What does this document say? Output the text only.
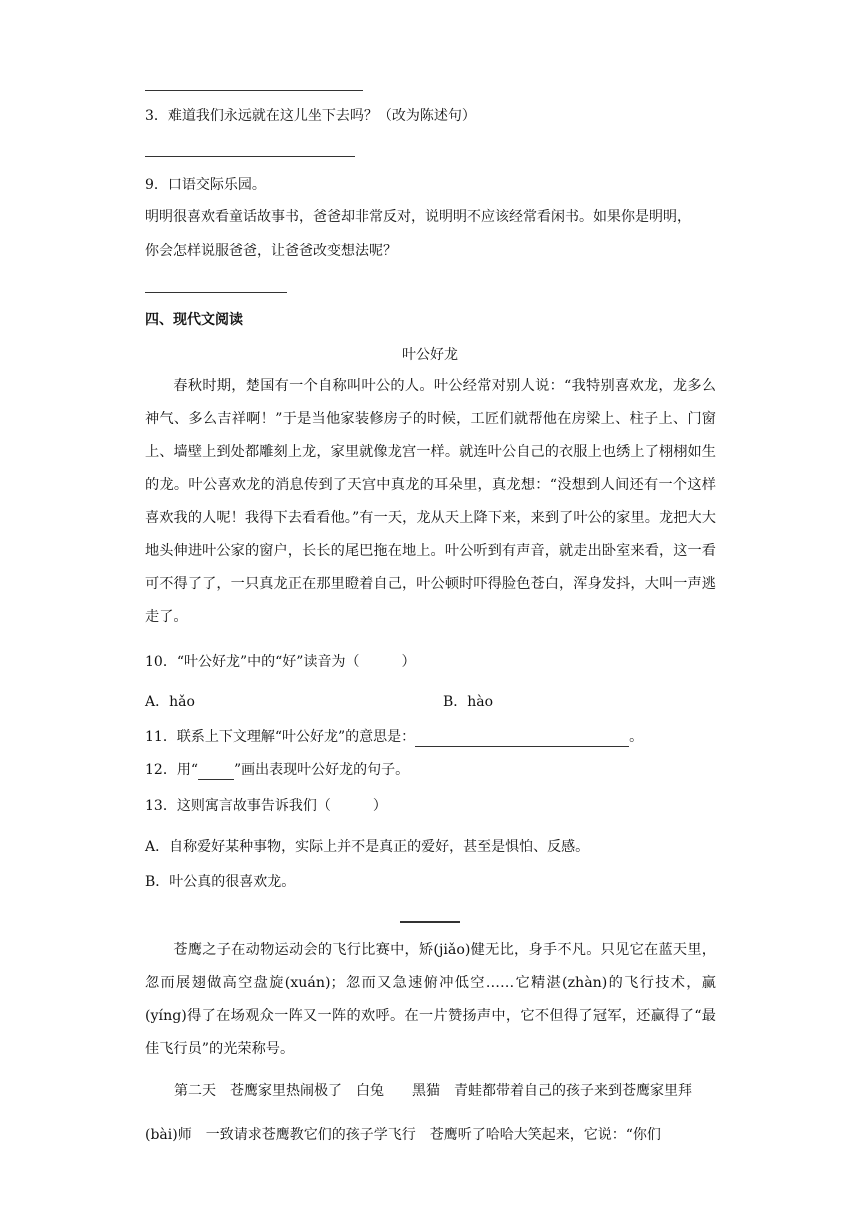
3．难道我们永远就在这儿坐下去吗？（改为陈述句）
9．口语交际乐园。
明明很喜欢看童话故事书，爸爸却非常反对，说明明不应该经常看闲书。如果你是明明，
你会怎样说服爸爸，让爸爸改变想法呢？
四、现代文阅读
叶公好龙

春秋时期，楚国有一个自称叫叶公的人。叶公经常对别人说：“我特别喜欢龙，龙多么神气、多么吉祥啊！”于是当他家装修房子的时候，工匠们就帮他在房梁上、柱子上、门窗上、墙壁上到处都雕刻上龙，家里就像龙宫一样。就连叶公自己的衣服上也绣上了栩栩如生的龙。叶公喜欢龙的消息传到了天宫中真龙的耳朵里，真龙想：“没想到人间还有一个这样喜欢我的人呢！我得下去看看他。”有一天，龙从天上降下来，来到了叶公的家里。龙把大大地头伸进叶公家的窗户，长长的尾巴拖在地上。叶公听到有声音，就走出卧室来看，这一看可不得了了，一只真龙正在那里瞪着自己，叶公顿时吓得脸色苍白，浑身发抖，大叫一声逃走了。

10．“叶公好龙”中的“好”读音为（　　　）
A．hǎo	B．hào
11．联系上下文理解“叶公好龙”的意思是：	。
12．用“	”画出表现叶公好龙的句子。
13．这则寓言故事告诉我们（　　　）
A．自称爱好某种事物，实际上并不是真正的爱好，甚至是惧怕、反感。
B．叶公真的很喜欢龙。

苍鹰之子在动物运动会的飞行比赛中，矫(jiǎo)健无比，身手不凡。只见它在蓝天里，忽而展翅做高空盘旋(xuán)；忽而又急速俯冲低空……它精湛(zhàn)的飞行技术，赢(yíng)得了在场观众一阵又一阵的欢呼。在一片赞扬声中，它不但得了冠军，还赢得了“最佳飞行员”的光荣称号。

第二天　苍鹰家里热闹极了　白兔　　黑猫　青蛙都带着自己的孩子来到苍鹰家里拜
(bài)师　一致请求苍鹰教它们的孩子学飞行　苍鹰听了哈哈大笑起来，它说：“你们
